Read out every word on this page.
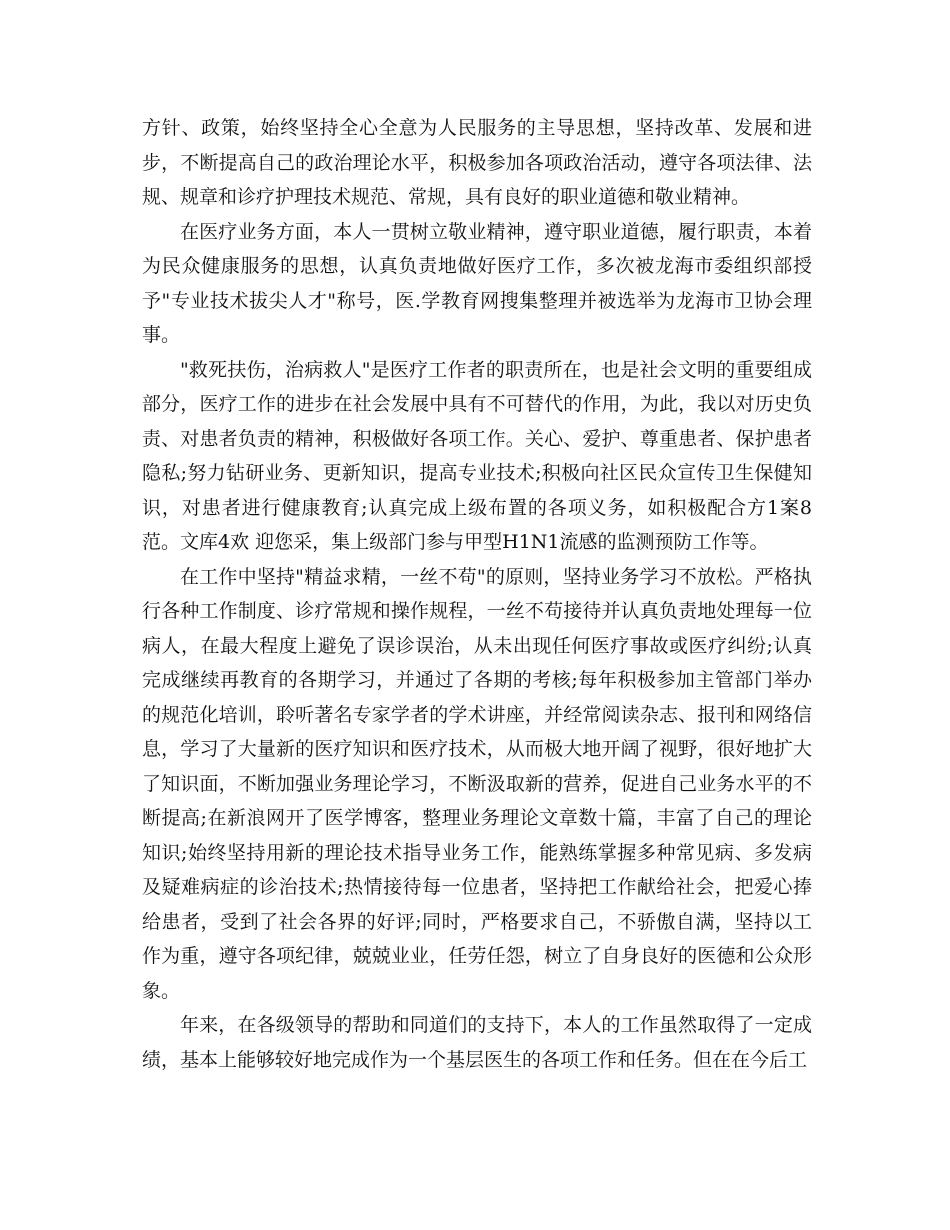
方针、政策，始终坚持全心全意为人民服务的主导思想，坚持改革、发展和进步，不断提高自己的政治理论水平，积极参加各项政治活动，遵守各项法律、法规、规章和诊疗护理技术规范、常规，具有良好的职业道德和敬业精神。

在医疗业务方面，本人一贯树立敬业精神，遵守职业道德，履行职责，本着为民众健康服务的思想，认真负责地做好医疗工作，多次被龙海市委组织部授予"专业技术拔尖人才"称号，医.学教育网搜集整理并被选举为龙海市卫协会理事。

"救死扶伤，治病救人"是医疗工作者的职责所在，也是社会文明的重要组成部分，医疗工作的进步在社会发展中具有不可替代的作用，为此，我以对历史负责、对患者负责的精神，积极做好各项工作。关心、爱护、尊重患者、保护患者隐私;努力钻研业务、更新知识，提高专业技术;积极向社区民众宣传卫生保健知识，对患者进行健康教育;认真完成上级布置的各项义务，如积极配合方1案8范。文库4欢 迎您采，集上级部门参与甲型H1N1流感的监测预防工作等。

在工作中坚持"精益求精，一丝不苟"的原则，坚持业务学习不放松。严格执行各种工作制度、诊疗常规和操作规程，一丝不苟接待并认真负责地处理每一位病人，在最大程度上避免了误诊误治，从未出现任何医疗事故或医疗纠纷;认真完成继续再教育的各期学习，并通过了各期的考核;每年积极参加主管部门举办的规范化培训，聆听著名专家学者的学术讲座，并经常阅读杂志、报刊和网络信息，学习了大量新的医疗知识和医疗技术，从而极大地开阔了视野，很好地扩大了知识面，不断加强业务理论学习，不断汲取新的营养，促进自己业务水平的不断提高;在新浪网开了医学博客，整理业务理论文章数十篇，丰富了自己的理论知识;始终坚持用新的理论技术指导业务工作，能熟练掌握多种常见病、多发病及疑难病症的诊治技术;热情接待每一位患者，坚持把工作献给社会，把爱心捧给患者，受到了社会各界的好评;同时，严格要求自己，不骄傲自满，坚持以工作为重，遵守各项纪律，兢兢业业，任劳任怨，树立了自身良好的医德和公众形象。

年来，在各级领导的帮助和同道们的支持下，本人的工作虽然取得了一定成绩，基本上能够较好地完成作为一个基层医生的各项工作和任务。但在在今后工
